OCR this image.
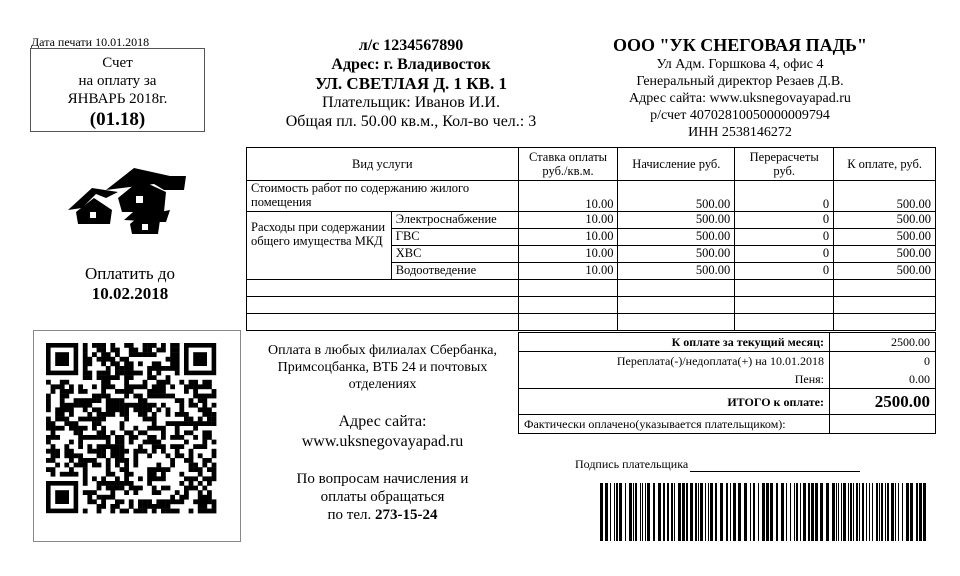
Дата печати 10.01.2018
Счет
на оплату за
ЯНВАРЬ 2018г.
(01.18)
Оплатить до
10.02.2018
л/с 1234567890
Адрес: г. Владивосток
УЛ. СВЕТЛАЯ Д. 1 КВ. 1
Плательщик: Иванов И.И.
Общая пл. 50.00 кв.м., Кол-во чел.: 3
ООО "УК СНЕГОВАЯ ПАДЬ"
Ул Адм. Горшкова 4, офис 4
Генеральный директор Резаев Д.В.
Адрес сайта: www.uksnegovayapad.ru
р/счет 40702810050000009794
ИНН 2538146272
Вид услуги		Ставка оплаты руб./кв.м.	Начисление руб.	Перерасчеты руб.	К оплате, руб.
Стоимость работ по содержанию жилого помещения		10.00	500.00	0	500.00
Расходы при содержании общего имущества МКД	Электроснабжение	10.00	500.00	0	500.00
	ГВС	10.00	500.00	0	500.00
	ХВС	10.00	500.00	0	500.00
	Водоотведение	10.00	500.00	0	500.00

К оплате за текущий месяц:	2500.00
Переплата(-)/недоплата(+) на 10.01.2018	0
Пеня:	0.00
ИТОГО к оплате:	2500.00
Фактически оплачено(указывается плательщиком):	
Оплата в любых филиалах Сбербанка, Примсоцбанка, ВТБ 24 и почтовых отделениях
Адрес сайта:
www.uksnegovayapad.ru
По вопросам начисления и
оплаты обращаться
по тел. 273-15-24
Подпись плательщика
